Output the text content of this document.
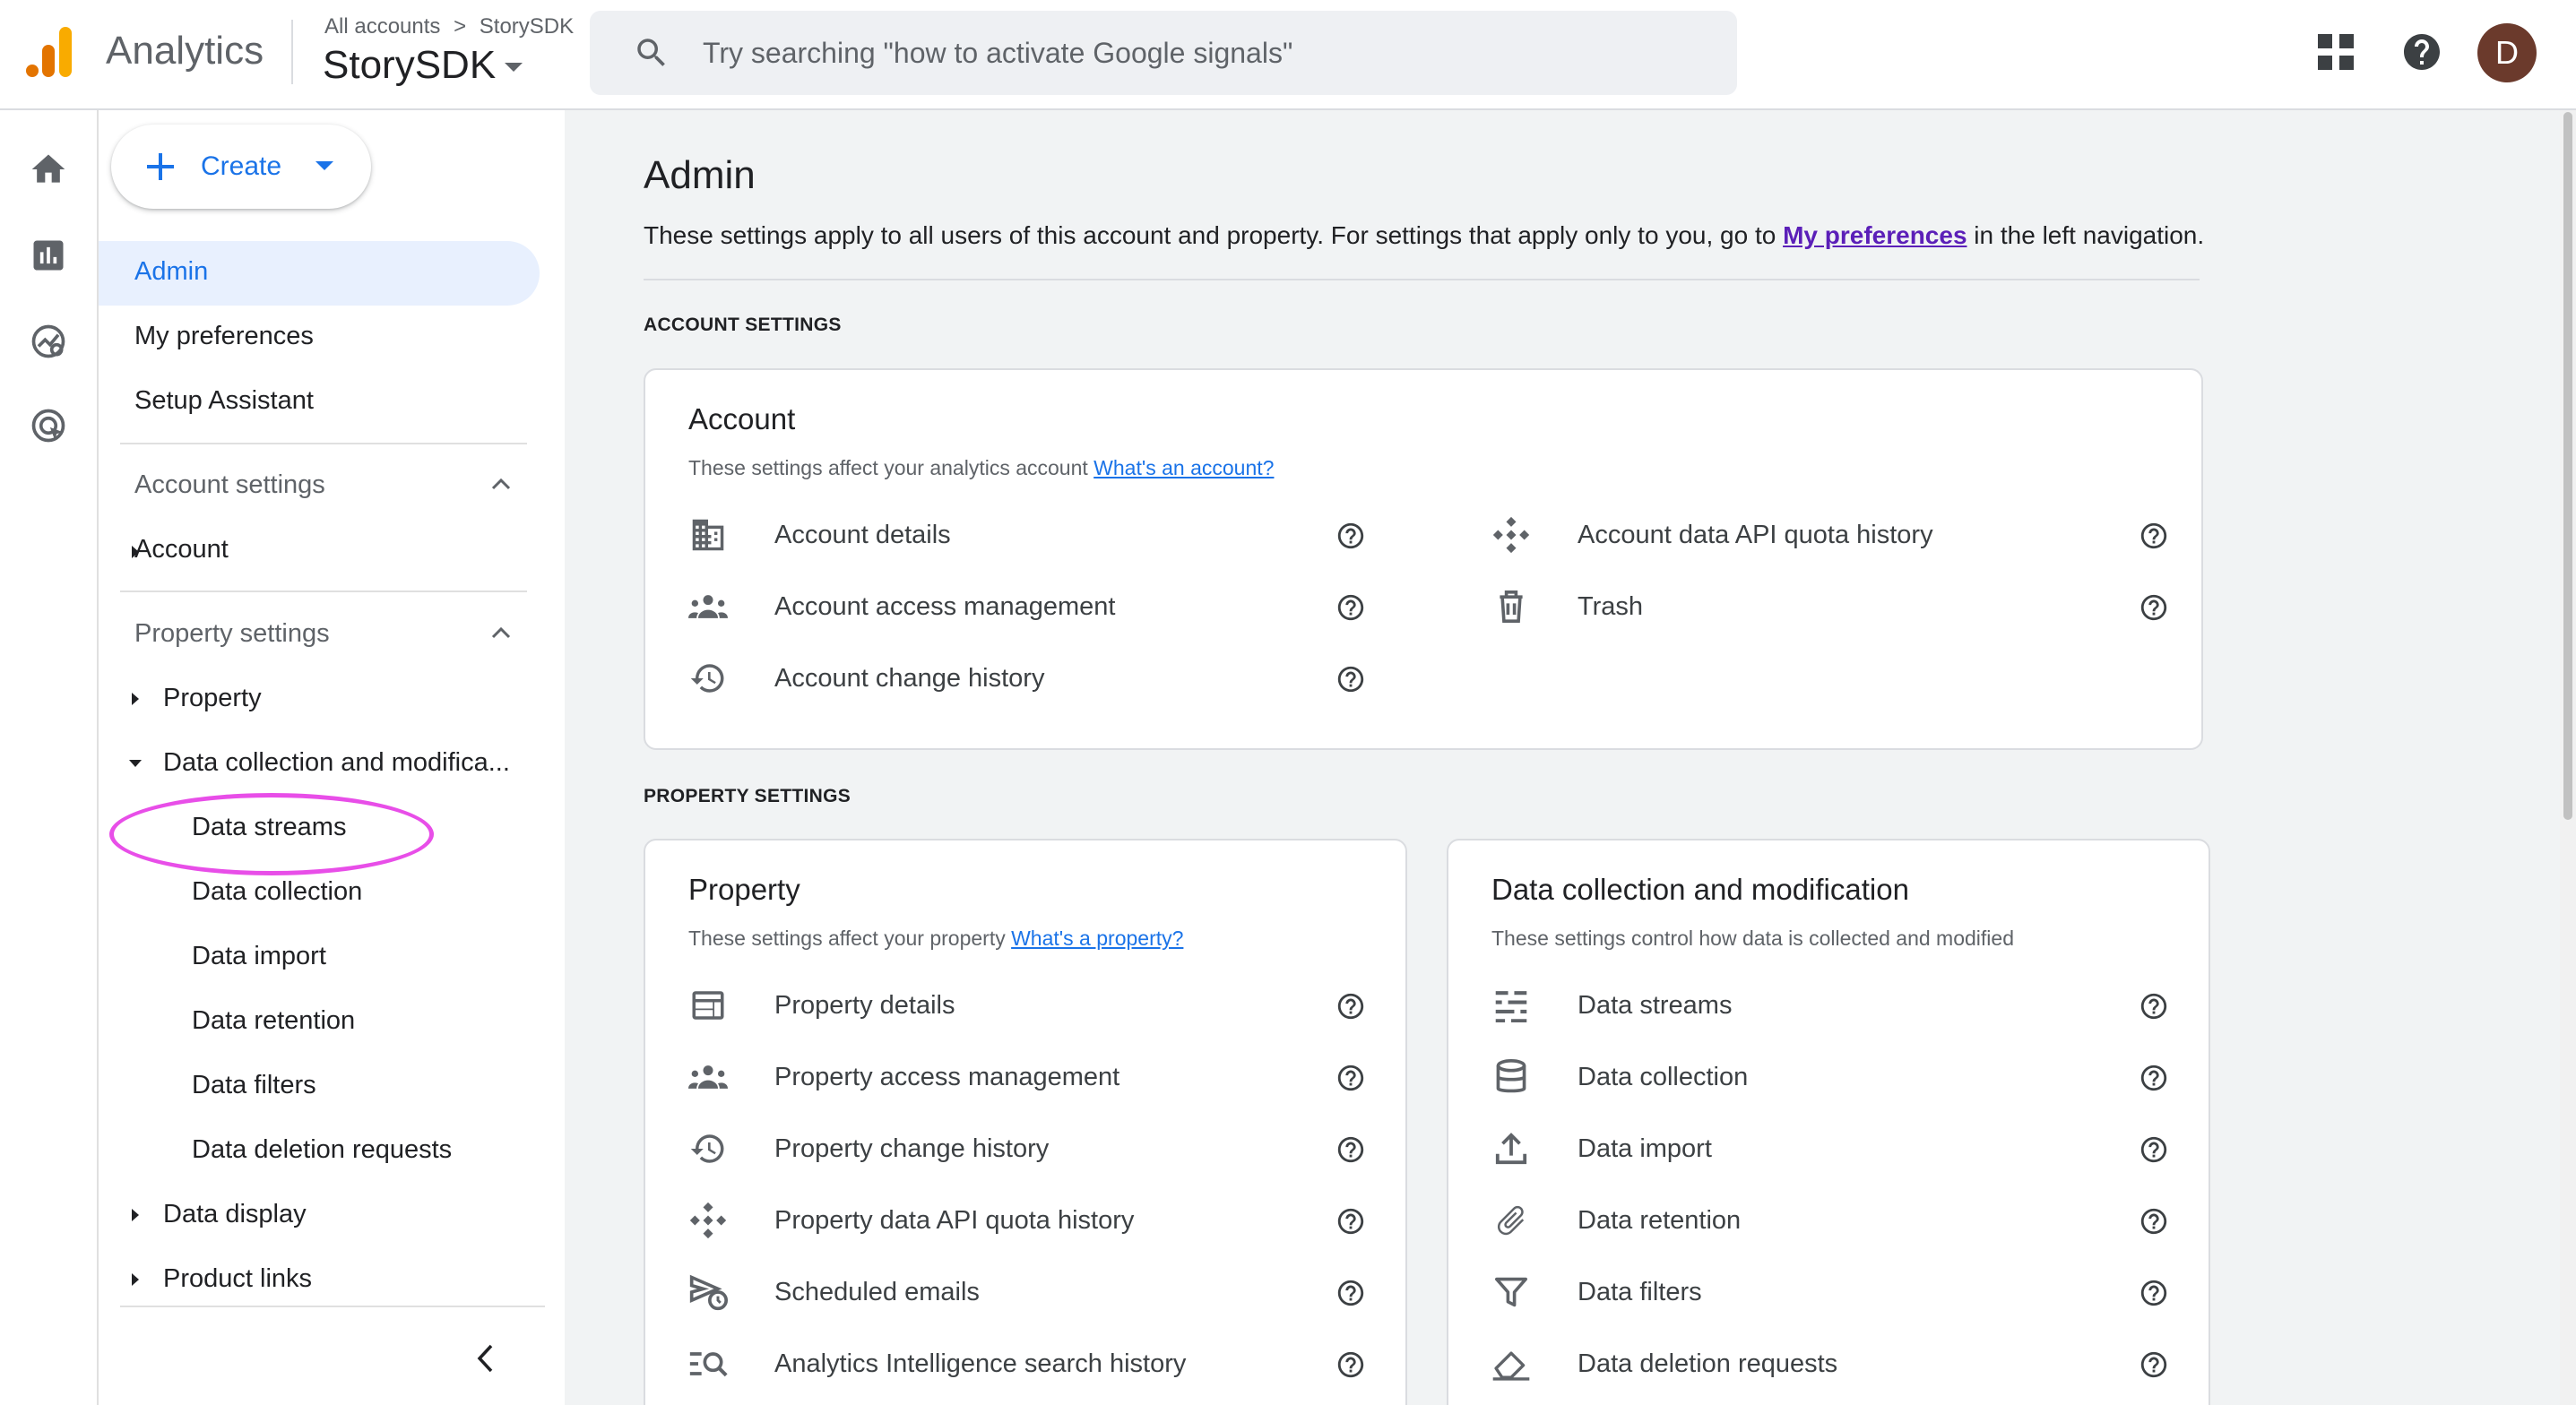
Analytics
All accounts > StorySDK
StorySDK
Try searching "how to activate Google signals"	D
Create
Admin
My preferences
Setup Assistant
Account settings
Account
Property settings
Property
Data collection and modifica...
Data streams
Data collection
Data import
Data retention
Data filters
Data deletion requests
Data display
Product links
Admin
These settings apply to all users of this account and property. For settings that apply only to you, go to My preferences in the left navigation.
ACCOUNT SETTINGS
Account
These settings affect your analytics account What's an account?
Account details
Account access management
Account change history
Account data API quota history
Trash
PROPERTY SETTINGS
Property
These settings affect your property What's a property?
Property details
Property access management
Property change history
Property data API quota history
Scheduled emails
Analytics Intelligence search history
Data collection and modification
These settings control how data is collected and modified
Data streams
Data collection
Data import
Data retention
Data filters
Data deletion requests
